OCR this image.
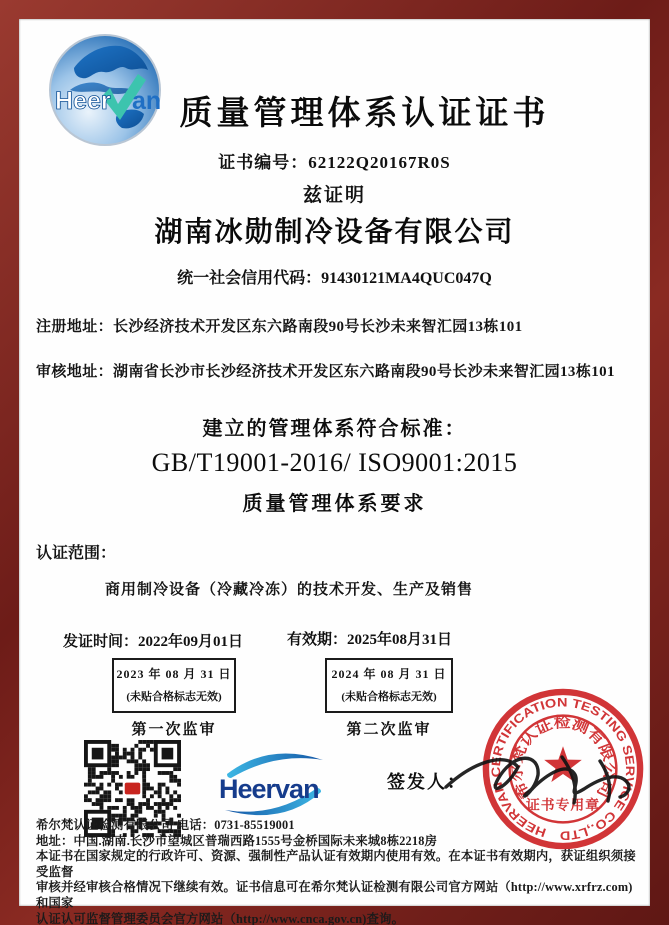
Heer an 质量管理体系认证证书
证书编号：62122Q20167R0S
兹证明
湖南冰勋制冷设备有限公司
统一社会信用代码：91430121MA4QUC047Q
注册地址：长沙经济技术开发区东六路南段90号长沙未来智汇园13栋101
审核地址：湖南省长沙市长沙经济技术开发区东六路南段90号长沙未来智汇园13栋101
建立的管理体系符合标准：
GB/T19001-2016/ ISO9001:2015
质量管理体系要求
认证范围：
商用制冷设备（冷藏冷冻）的技术开发、生产及销售
发证时间：2022年09月01日	有效期：2025年08月31日
2023 年 08 月 31 日
(未贴合格标志无效)
2024 年 08 月 31 日
(未贴合格标志无效)
第一次监审	第二次监审
Heervan	签发人：
HEERVAN CERTIFICATION TESTING SERVICE CO.,LTD
希尔梵认证检测有限公司
证书专用章
希尔梵认证检测有限公司 电话：0731-85519001
地址：中国.湖南.长沙市望城区普瑞西路1555号金桥国际未来城8栋2218房
本证书在国家规定的行政许可、资源、强制性产品认证有效期内使用有效。在本证书有效期内，获证组织须接受监督
审核并经审核合格情况下继续有效。证书信息可在希尔梵认证检测有限公司官方网站（http://www.xrfrz.com)和国家
认证认可监督管理委员会官方网站（http://www.cnca.gov.cn)查询。
